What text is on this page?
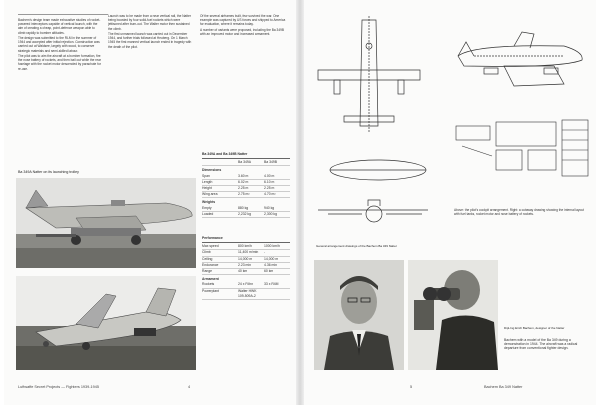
Bachem's design team made exhaustive studies of rocket-powered interceptors capable of vertical launch, with the aim of creating a cheap, point-defence weapon able to climb rapidly to bomber altitudes.

The design was submitted to the RLM in the summer of 1944 and accepted after initial rejection. Construction was carried out at Waldsee, largely with wood, to conserve strategic materials and semi-skilled labour.

The pilot was to aim the aircraft at a bomber formation, fire the nose battery of rockets, and then bail out while the rear fuselage with the rocket motor descended by parachute for re-use.

Launch was to be made from a near vertical rail, the Natter being boosted by four solid-fuel rockets which were jettisoned after burn-out. The Walter motor then sustained the climb.

The first unmanned launch was carried out in December 1944, and further trials followed at Heuberg. On 1 March 1945 the first manned vertical launch ended in tragedy with the death of the pilot.

Of the several airframes built, few survived the war. One example was captured by US forces and shipped to America for evaluation, where it remains today.

A number of variants were proposed, including the Ba 349B with an improved motor and increased armament.

Ba 349A Natter on its launching trolley
Ba 349A and Ba 349B Natter
Ba 349A	Ba 349B
Dimensions
Span	3.60 m	4.00 m
Length	6.02 m	6.10 m
Height	2.25 m	2.25 m
Wing area	2.75 m²	4.70 m²
Weights
Empty	880 kg	940 kg
Loaded	2,232 kg	2,300 kg
Performance
Max speed	800 km/h	1000 km/h
Climb	11,400 m/min	-
Ceiling	14,000 m	14,000 m
Endurance	2.23 min	4.36 min
Range	40 km	60 km
Armament
Rockets	24 x Föhn	33 x R4M
Powerplant	Walter HWK 109-509A-2
Luftwaffe Secret Projects — Fighters 1939-1945	4
Above: the pilot's cockpit arrangement. Right: a cutaway drawing showing the internal layout with fuel tanks, rocket motor and nose battery of rockets.
General arrangement drawings of the Bachem Ba 349 Natter
Bachem with a model of the Ba 349 during a demonstration in 1944. The aircraft was a radical departure from conventional fighter design.
Dipl-Ing Erich Bachem, designer of the Natter
5	Bachem Ba 349 Natter
